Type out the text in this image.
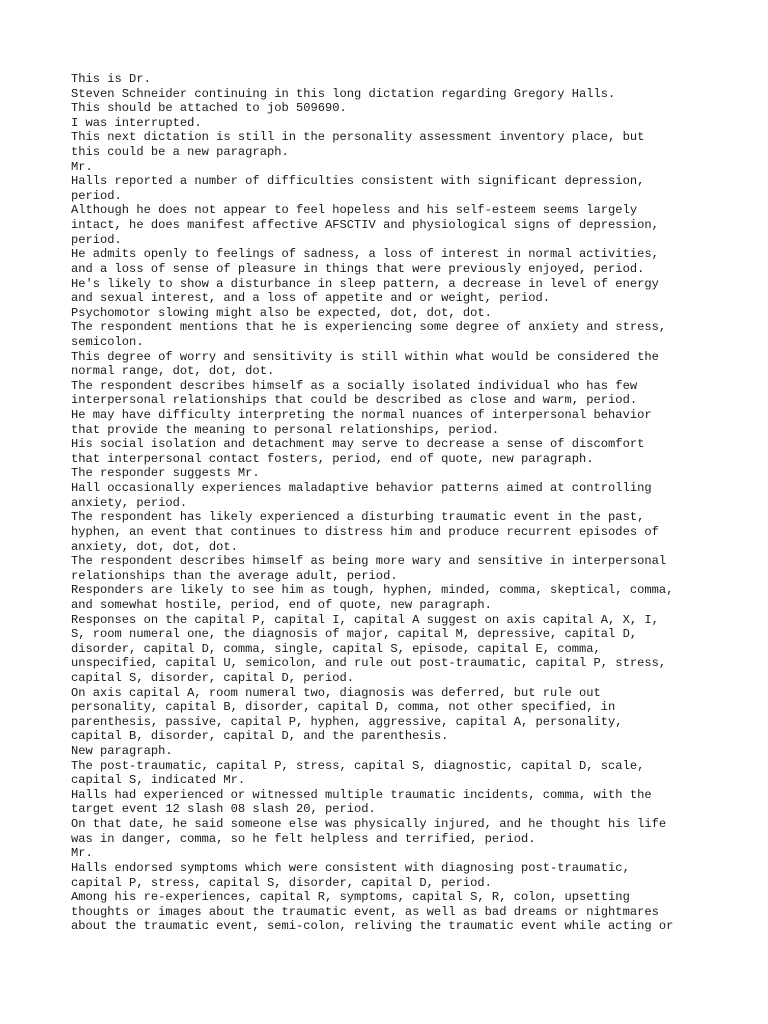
This is Dr.
Steven Schneider continuing in this long dictation regarding Gregory Halls.
This should be attached to job 509690.
I was interrupted.
This next dictation is still in the personality assessment inventory place, but
this could be a new paragraph.
Mr.
Halls reported a number of difficulties consistent with significant depression,
period.
Although he does not appear to feel hopeless and his self-esteem seems largely
intact, he does manifest affective AFSCTIV and physiological signs of depression,
period.
He admits openly to feelings of sadness, a loss of interest in normal activities,
and a loss of sense of pleasure in things that were previously enjoyed, period.
He's likely to show a disturbance in sleep pattern, a decrease in level of energy
and sexual interest, and a loss of appetite and or weight, period.
Psychomotor slowing might also be expected, dot, dot, dot.
The respondent mentions that he is experiencing some degree of anxiety and stress,
semicolon.
This degree of worry and sensitivity is still within what would be considered the
normal range, dot, dot, dot.
The respondent describes himself as a socially isolated individual who has few
interpersonal relationships that could be described as close and warm, period.
He may have difficulty interpreting the normal nuances of interpersonal behavior
that provide the meaning to personal relationships, period.
His social isolation and detachment may serve to decrease a sense of discomfort
that interpersonal contact fosters, period, end of quote, new paragraph.
The responder suggests Mr.
Hall occasionally experiences maladaptive behavior patterns aimed at controlling
anxiety, period.
The respondent has likely experienced a disturbing traumatic event in the past,
hyphen, an event that continues to distress him and produce recurrent episodes of
anxiety, dot, dot, dot.
The respondent describes himself as being more wary and sensitive in interpersonal
relationships than the average adult, period.
Responders are likely to see him as tough, hyphen, minded, comma, skeptical, comma,
and somewhat hostile, period, end of quote, new paragraph.
Responses on the capital P, capital I, capital A suggest on axis capital A, X, I,
S, room numeral one, the diagnosis of major, capital M, depressive, capital D,
disorder, capital D, comma, single, capital S, episode, capital E, comma,
unspecified, capital U, semicolon, and rule out post-traumatic, capital P, stress,
capital S, disorder, capital D, period.
On axis capital A, room numeral two, diagnosis was deferred, but rule out
personality, capital B, disorder, capital D, comma, not other specified, in
parenthesis, passive, capital P, hyphen, aggressive, capital A, personality,
capital B, disorder, capital D, and the parenthesis.
New paragraph.
The post-traumatic, capital P, stress, capital S, diagnostic, capital D, scale,
capital S, indicated Mr.
Halls had experienced or witnessed multiple traumatic incidents, comma, with the
target event 12 slash 08 slash 20, period.
On that date, he said someone else was physically injured, and he thought his life
was in danger, comma, so he felt helpless and terrified, period.
Mr.
Halls endorsed symptoms which were consistent with diagnosing post-traumatic,
capital P, stress, capital S, disorder, capital D, period.
Among his re-experiences, capital R, symptoms, capital S, R, colon, upsetting
thoughts or images about the traumatic event, as well as bad dreams or nightmares
about the traumatic event, semi-colon, reliving the traumatic event while acting or
